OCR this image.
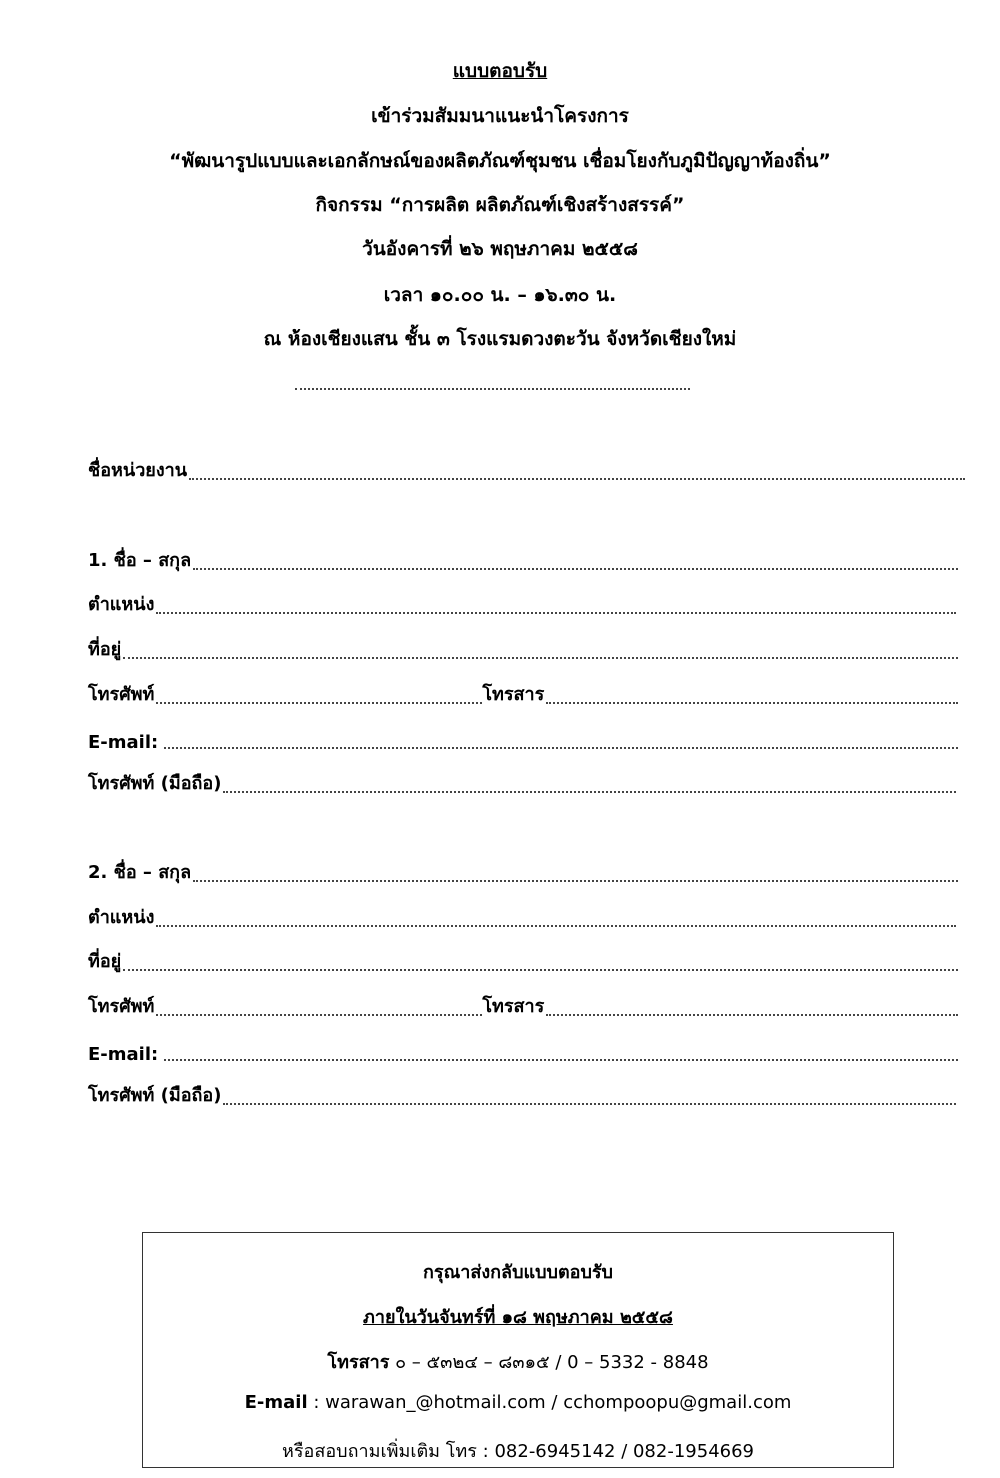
แบบตอบรับ
เข้าร่วมสัมมนาแนะนำโครงการ
“พัฒนารูปแบบและเอกลักษณ์ของผลิตภัณฑ์ชุมชน เชื่อมโยงกับภูมิปัญญาท้องถิ่น”
กิจกรรม “การผลิต ผลิตภัณฑ์เชิงสร้างสรรค์”
วันอังคารที่ ๒๖ พฤษภาคม ๒๕๕๘
เวลา ๑๐.๐๐ น. – ๑๖.๓๐ น.
ณ ห้องเชียงแสน ชั้น ๓ โรงแรมดวงตะวัน จังหวัดเชียงใหม่
ชื่อหน่วยงาน
1. ชื่อ – สกุล
ตำแหน่ง
ที่อยู่
โทรศัพท์	โทรสาร
E-mail:
โทรศัพท์ (มือถือ)
2. ชื่อ – สกุล
ตำแหน่ง
ที่อยู่
โทรศัพท์	โทรสาร
E-mail:
โทรศัพท์ (มือถือ)
กรุณาส่งกลับแบบตอบรับ
ภายในวันจันทร์ที่ ๑๘ พฤษภาคม ๒๕๕๘
โทรสาร ๐ – ๕๓๒๔ – ๘๓๑๕ / 0 – 5332 - 8848
E-mail : warawan_@hotmail.com / cchompoopu@gmail.com
หรือสอบถามเพิ่มเติม โทร : 082-6945142 / 082-1954669
